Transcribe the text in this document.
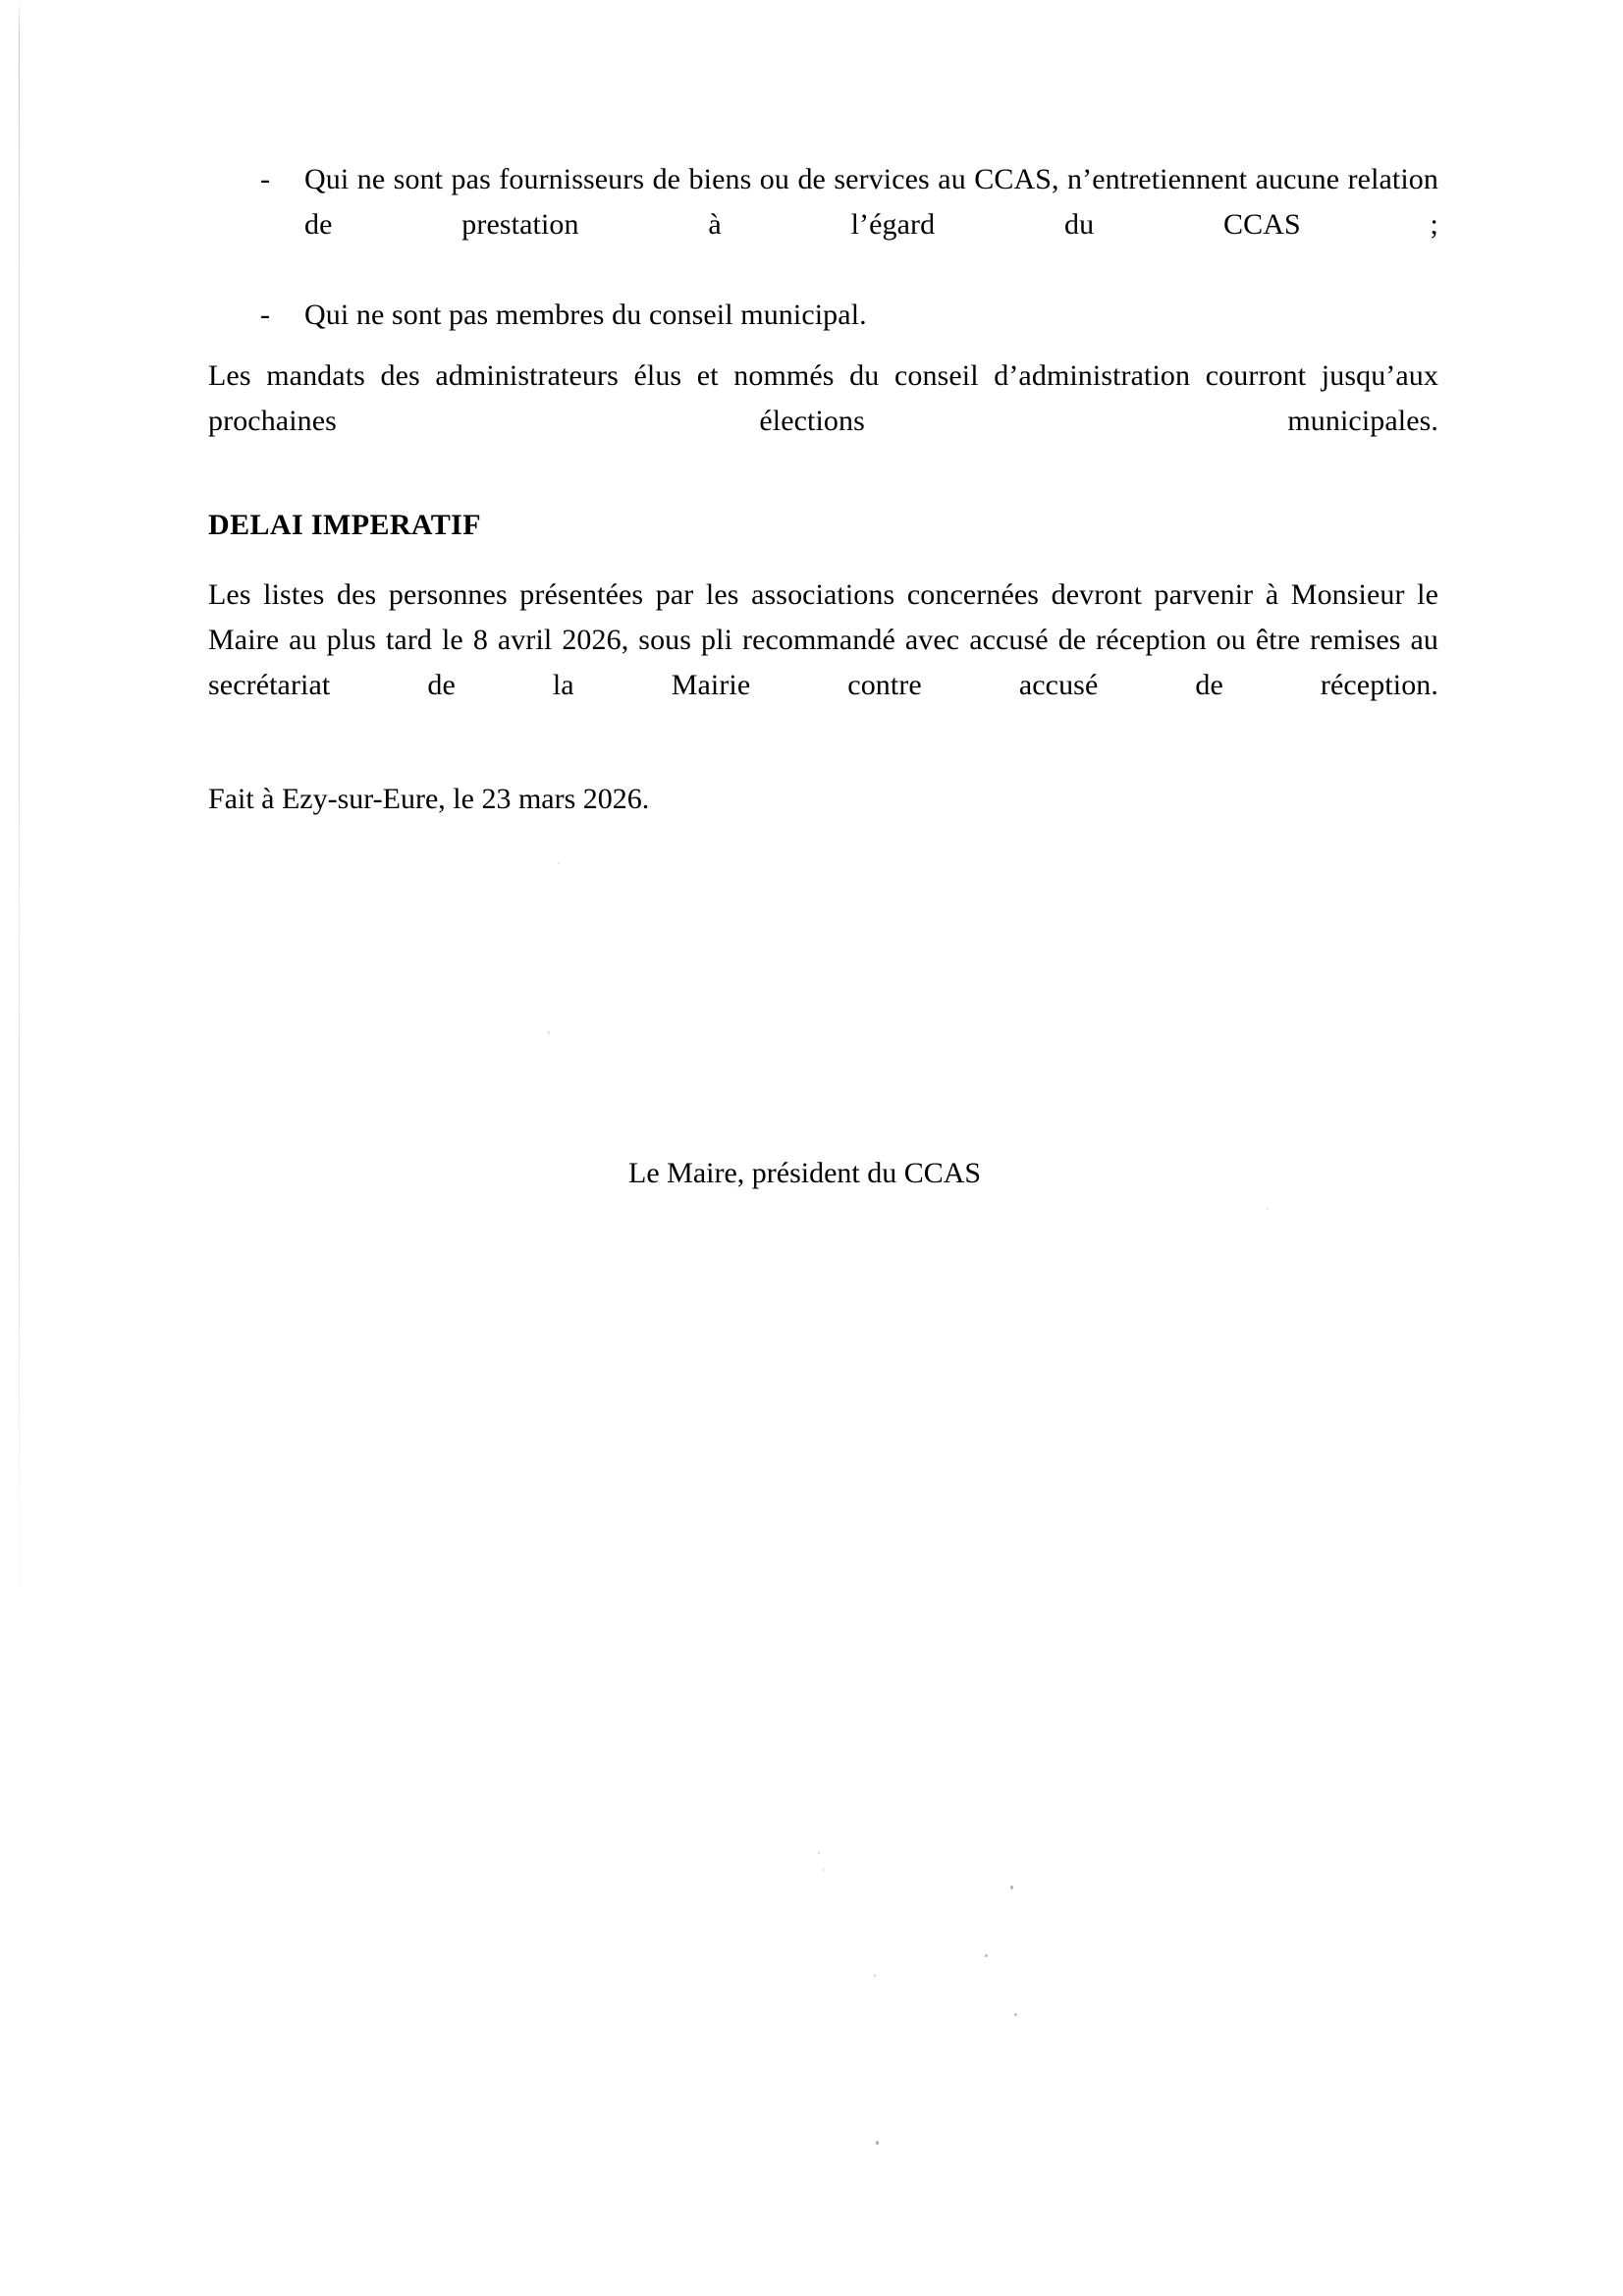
- Qui ne sont pas fournisseurs de biens ou de services au CCAS, n’entretiennent aucune relation de prestation à l’égard du CCAS ;
- Qui ne sont pas membres du conseil municipal.

Les mandats des administrateurs élus et nommés du conseil d’administration courront jusqu’aux prochaines élections municipales.

DELAI IMPERATIF

Les listes des personnes présentées par les associations concernées devront parvenir à Monsieur le Maire au plus tard le 8 avril 2026, sous pli recommandé avec accusé de réception ou être remises au secrétariat de la Mairie contre accusé de réception.

Fait à Ezy-sur-Eure, le 23 mars 2026.

Le Maire, président du CCAS
